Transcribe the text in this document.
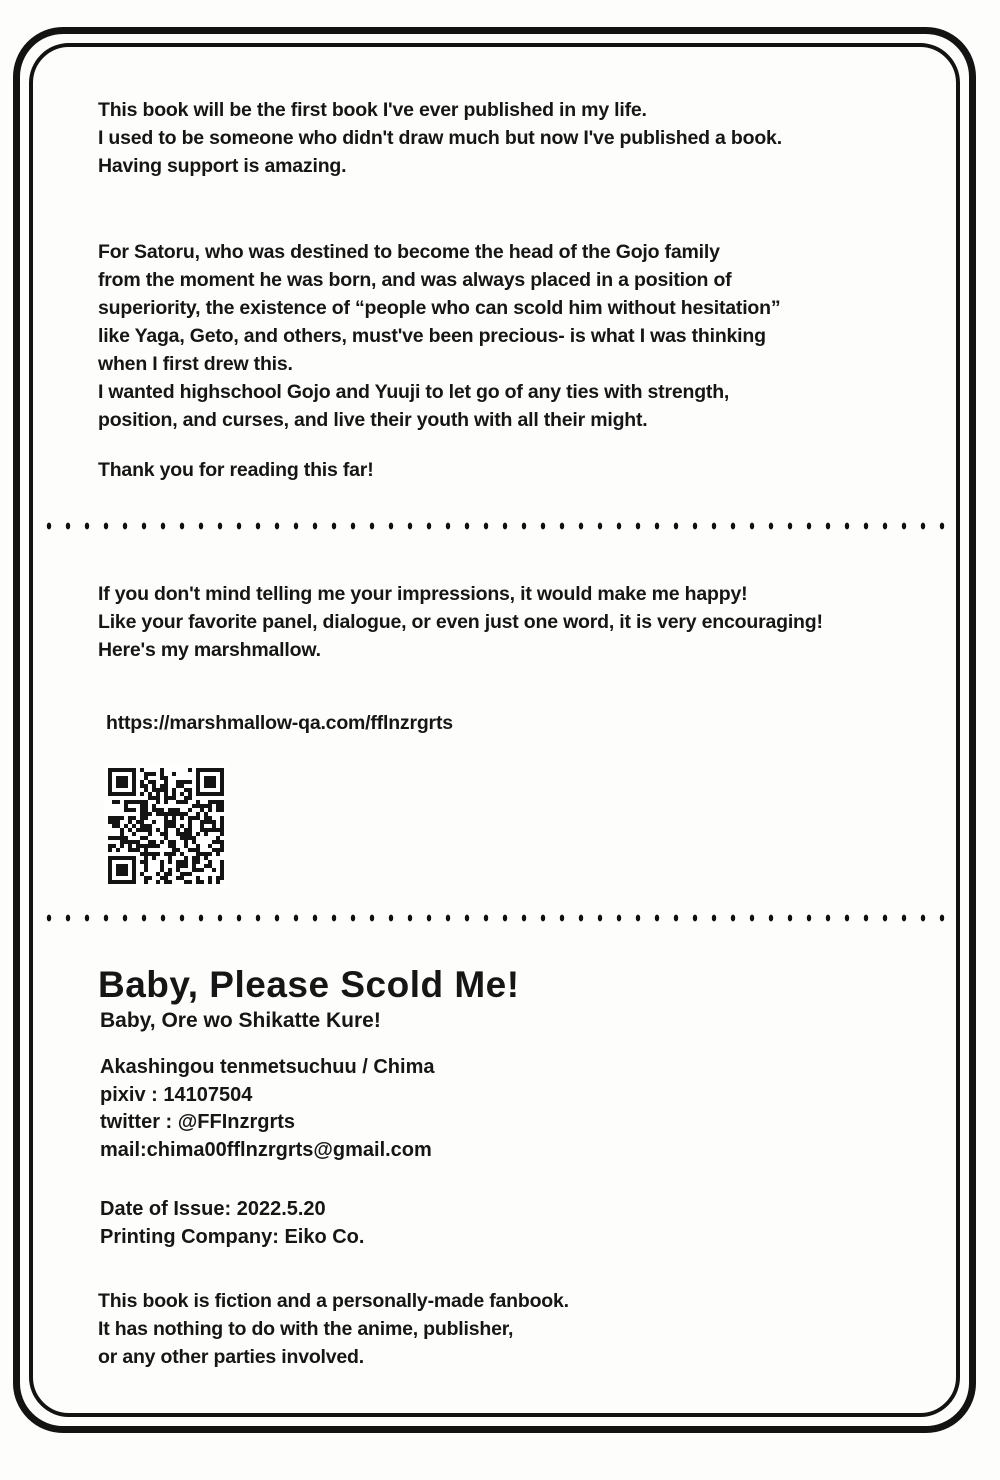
This book will be the first book I've ever published in my life.
I used to be someone who didn't draw much but now I've published a book.
Having support is amazing.
For Satoru, who was destined to become the head of the Gojo family
from the moment he was born, and was always placed in a position of
superiority, the existence of “people who can scold him without hesitation”
like Yaga, Geto, and others, must've been precious- is what I was thinking
when I first drew this.
I wanted highschool Gojo and Yuuji to let go of any ties with strength,
position, and curses, and live their youth with all their might.
Thank you for reading this far!
If you don't mind telling me your impressions, it would make me happy!
Like your favorite panel, dialogue, or even just one word, it is very encouraging!
Here's my marshmallow.
https://marshmallow-qa.com/fflnzrgrts
Baby, Please Scold Me!
Baby, Ore wo Shikatte Kure!
Akashingou tenmetsuchuu / Chima
pixiv : 14107504
twitter : @FFInzrgrts
mail:chima00fflnzrgrts@gmail.com
Date of Issue: 2022.5.20
Printing Company: Eiko Co.
This book is fiction and a personally-made fanbook.
It has nothing to do with the anime, publisher,
or any other parties involved.
